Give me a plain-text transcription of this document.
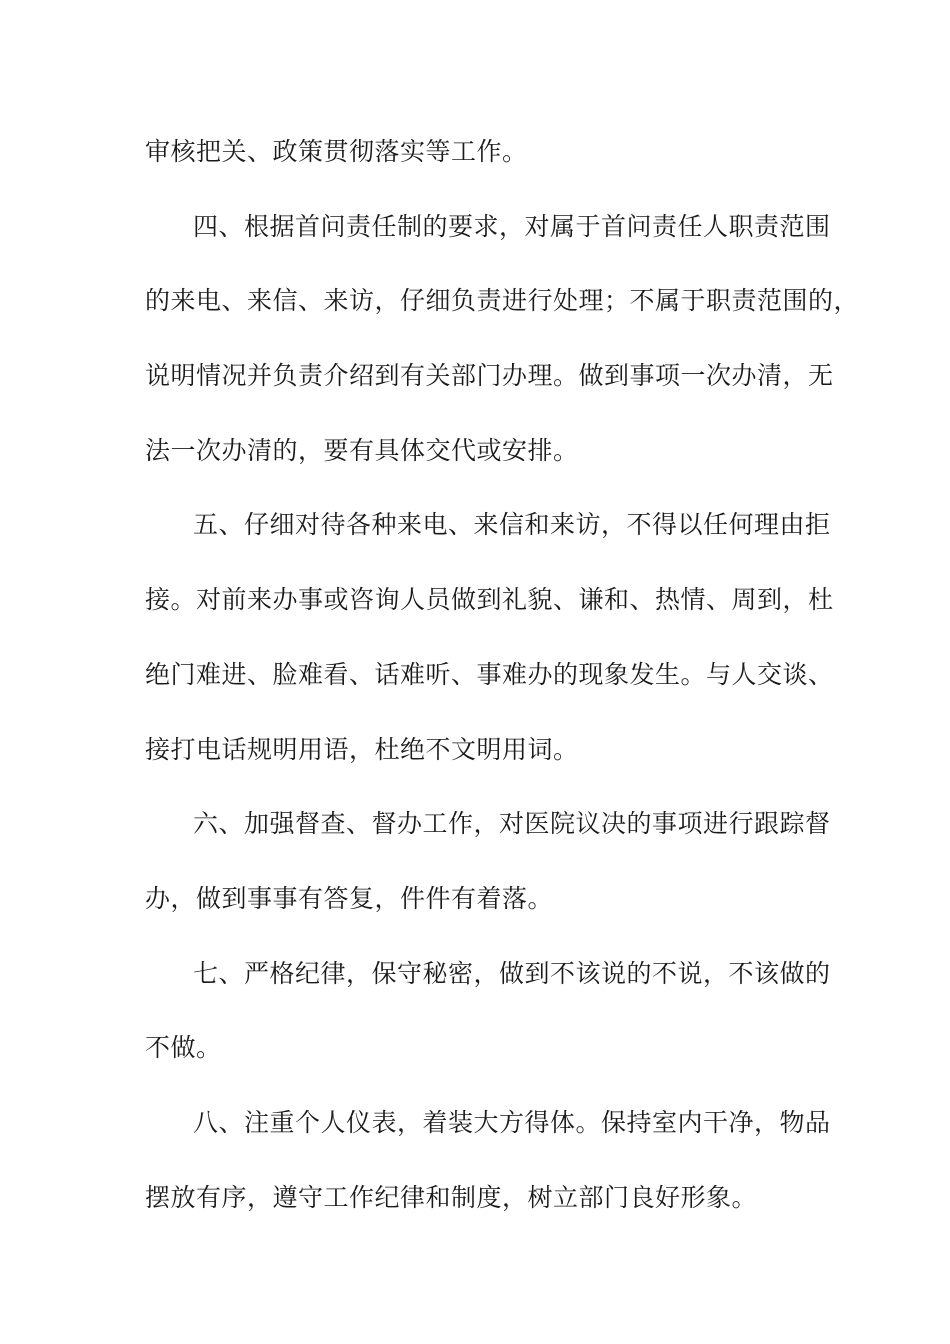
审核把关、政策贯彻落实等工作。
四、根据首问责任制的要求，对属于首问责任人职责范围
的来电、来信、来访，仔细负责进行处理；不属于职责范围的，
说明情况并负责介绍到有关部门办理。做到事项一次办清，无
法一次办清的，要有具体交代或安排。
五、仔细对待各种来电、来信和来访，不得以任何理由拒
接。对前来办事或咨询人员做到礼貌、谦和、热情、周到，杜
绝门难进、脸难看、话难听、事难办的现象发生。与人交谈、
接打电话规明用语，杜绝不文明用词。
六、加强督查、督办工作，对医院议决的事项进行跟踪督
办，做到事事有答复，件件有着落。
七、严格纪律，保守秘密，做到不该说的不说，不该做的
不做。
八、注重个人仪表，着装大方得体。保持室内干净，物品
摆放有序，遵守工作纪律和制度，树立部门良好形象。
